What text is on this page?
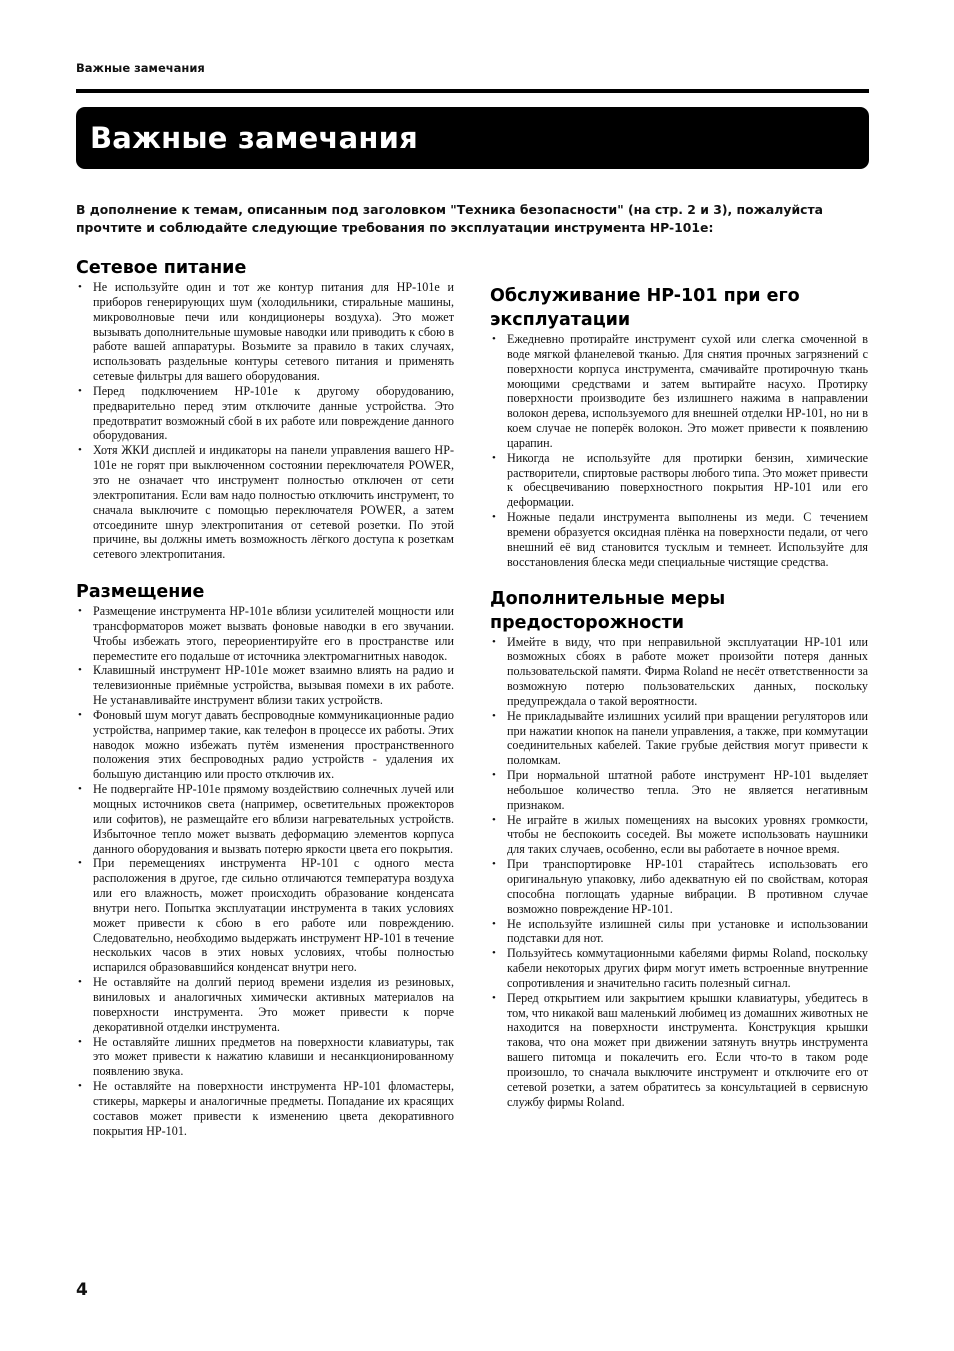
Важные замечания
Важные замечания

В дополнение к темам, описанным под заголовком "Техника безопасности" (на стр. 2 и 3), пожалуйста прочтите и соблюдайте следующие требования по эксплуатации инструмента HP-101e:

Сетевое питание
• Не используйте один и тот же контур питания для HP-101e и приборов генерирующих шум (холодильники, стиральные машины, микроволновые печи или кондиционеры воздуха). Это может вызывать дополнительные шумовые наводки или приводить к сбою в работе вашей аппаратуры. Возьмите за правило в таких случаях, использовать раздельные контуры сетевого питания и применять сетевые фильтры для вашего оборудования.
• Перед подключением HP-101e к другому оборудованию, предварительно перед этим отключите данные устройства. Это предотвратит возможный сбой в их работе или повреждение данного оборудования.
• Хотя ЖКИ дисплей и индикаторы на панели управления вашего HP-101e не горят при выключенном состоянии переключателя POWER, это не означает что инструмент полностью отключен от сети электропитания. Если вам надо полностью отключить инструмент, то сначала выключите с помощью переключателя POWER, а затем отсоедините шнур электропитания от сетевой розетки. По этой причине, вы должны иметь возможность лёгкого доступа к розеткам сетевого электропитания.
Размещение
• Размещение инструмента HP-101e вблизи усилителей мощности или трансформаторов может вызвать фоновые наводки в его звучании. Чтобы избежать этого, переориентируйте его в пространстве или переместите его подальше от источника электромагнитных наводок.
• Клавишный инструмент HP-101e может взаимно влиять на радио и телевизионные приёмные устройства, вызывая помехи в их работе. Не устанавливайте инструмент вблизи таких устройств.
• Фоновый шум могут давать беспроводные коммуникационные радио устройства, например такие, как телефон в процессе их работы. Этих наводок можно избежать путём изменения пространственного положения этих беспроводных радио устройств - удаления их большую дистанцию или просто отключив их.
• Не подвергайте HP-101e прямому воздействию солнечных лучей или мощных источников света (например, осветительных прожекторов или софитов), не размещайте его вблизи нагревательных устройств. Избыточное тепло может вызвать деформацию элементов корпуса данного оборудования и вызвать потерю яркости цвета его покрытия.
• При перемещениях инструмента HP-101 с одного места расположения в другое, где сильно отличаются температура воздуха или его влажность, может происходить образование конденсата внутри него. Попытка эксплуатации инструмента в таких условиях может привести к сбою в его работе или повреждению. Следовательно, необходимо выдержать инструмент HP-101 в течение нескольких часов в этих новых условиях, чтобы полностью испарился образовавшийся конденсат внутри него.
• Не оставляйте на долгий период времени изделия из резиновых, виниловых и аналогичных химически активных материалов на поверхности инструмента. Это может привести к порче декоративной отделки инструмента.
• Не оставляйте лишних предметов на поверхности клавиатуры, так это может привести к нажатию клавиши и несанкционированному появлению звука.
• Не оставляйте на поверхности инструмента HP-101 фломастеры, стикеры, маркеры и аналогичные предметы. Попадание их красящих составов может привести к изменению цвета декоративного покрытия HP-101.
Обслуживание HP-101 при его эксплуатации
• Ежедневно протирайте инструмент сухой или слегка смоченной в воде мягкой фланелевой тканью. Для снятия прочных загрязнений с поверхности корпуса инструмента, смачивайте протирочную ткань моющими средствами и затем вытирайте насухо. Протирку поверхности производите без излишнего нажима в направлении волокон дерева, используемого для внешней отделки HP-101, но ни в коем случае не поперёк волокон. Это может привести к появлению царапин.
• Никогда не используйте для протирки бензин, химические растворители, спиртовые растворы любого типа. Это может привести к обесцвечиванию поверхностного покрытия HP-101 или его деформации.
• Ножные педали инструмента выполнены из меди. С течением времени образуется оксидная плёнка на поверхности педали, от чего внешний её вид становится тусклым и темнеет. Используйте для восстановления блеска меди специальные чистящие средства.
Дополнительные меры предосторожности
• Имейте в виду, что при неправильной эксплуатации HP-101 или возможных сбоях в работе может произойти потеря данных пользовательской памяти. Фирма Roland не несёт ответственности за возможную потерю пользовательских данных, поскольку предупреждала о такой вероятности.
• Не прикладывайте излишних усилий при вращении регуляторов или при нажатии кнопок на панели управления, а также, при коммутации соединительных кабелей. Такие грубые действия могут привести к поломкам.
• При нормальной штатной работе инструмент HP-101 выделяет небольшое количество тепла. Это не является негативным признаком.
• Не играйте в жилых помещениях на высоких уровнях громкости, чтобы не беспокоить соседей. Вы можете использовать наушники для таких случаев, особенно, если вы работаете в ночное время.
• При транспортировке HP-101 старайтесь использовать его оригинальную упаковку, либо адекватную ей по свойствам, которая способна поглощать ударные вибрации. В противном случае возможно повреждение HP-101.
• Не используйте излишней силы при установке и использовании подставки для нот.
• Пользуйтесь коммутационными кабелями фирмы Roland, поскольку кабели некоторых других фирм могут иметь встроенные внутренние сопротивления и значительно гасить полезный сигнал.
• Перед открытием или закрытием крышки клавиатуры, убедитесь в том, что никакой ваш маленький любимец из домашних животных не находится на поверхности инструмента. Конструкция крышки такова, что она может при движении затянуть внутрь инструмента вашего питомца и покалечить его. Если что-то в таком роде произошло, то сначала выключите инструмент и отключите его от сетевой розетки, а затем обратитесь за консультацией в сервисную службу фирмы Roland.
4
